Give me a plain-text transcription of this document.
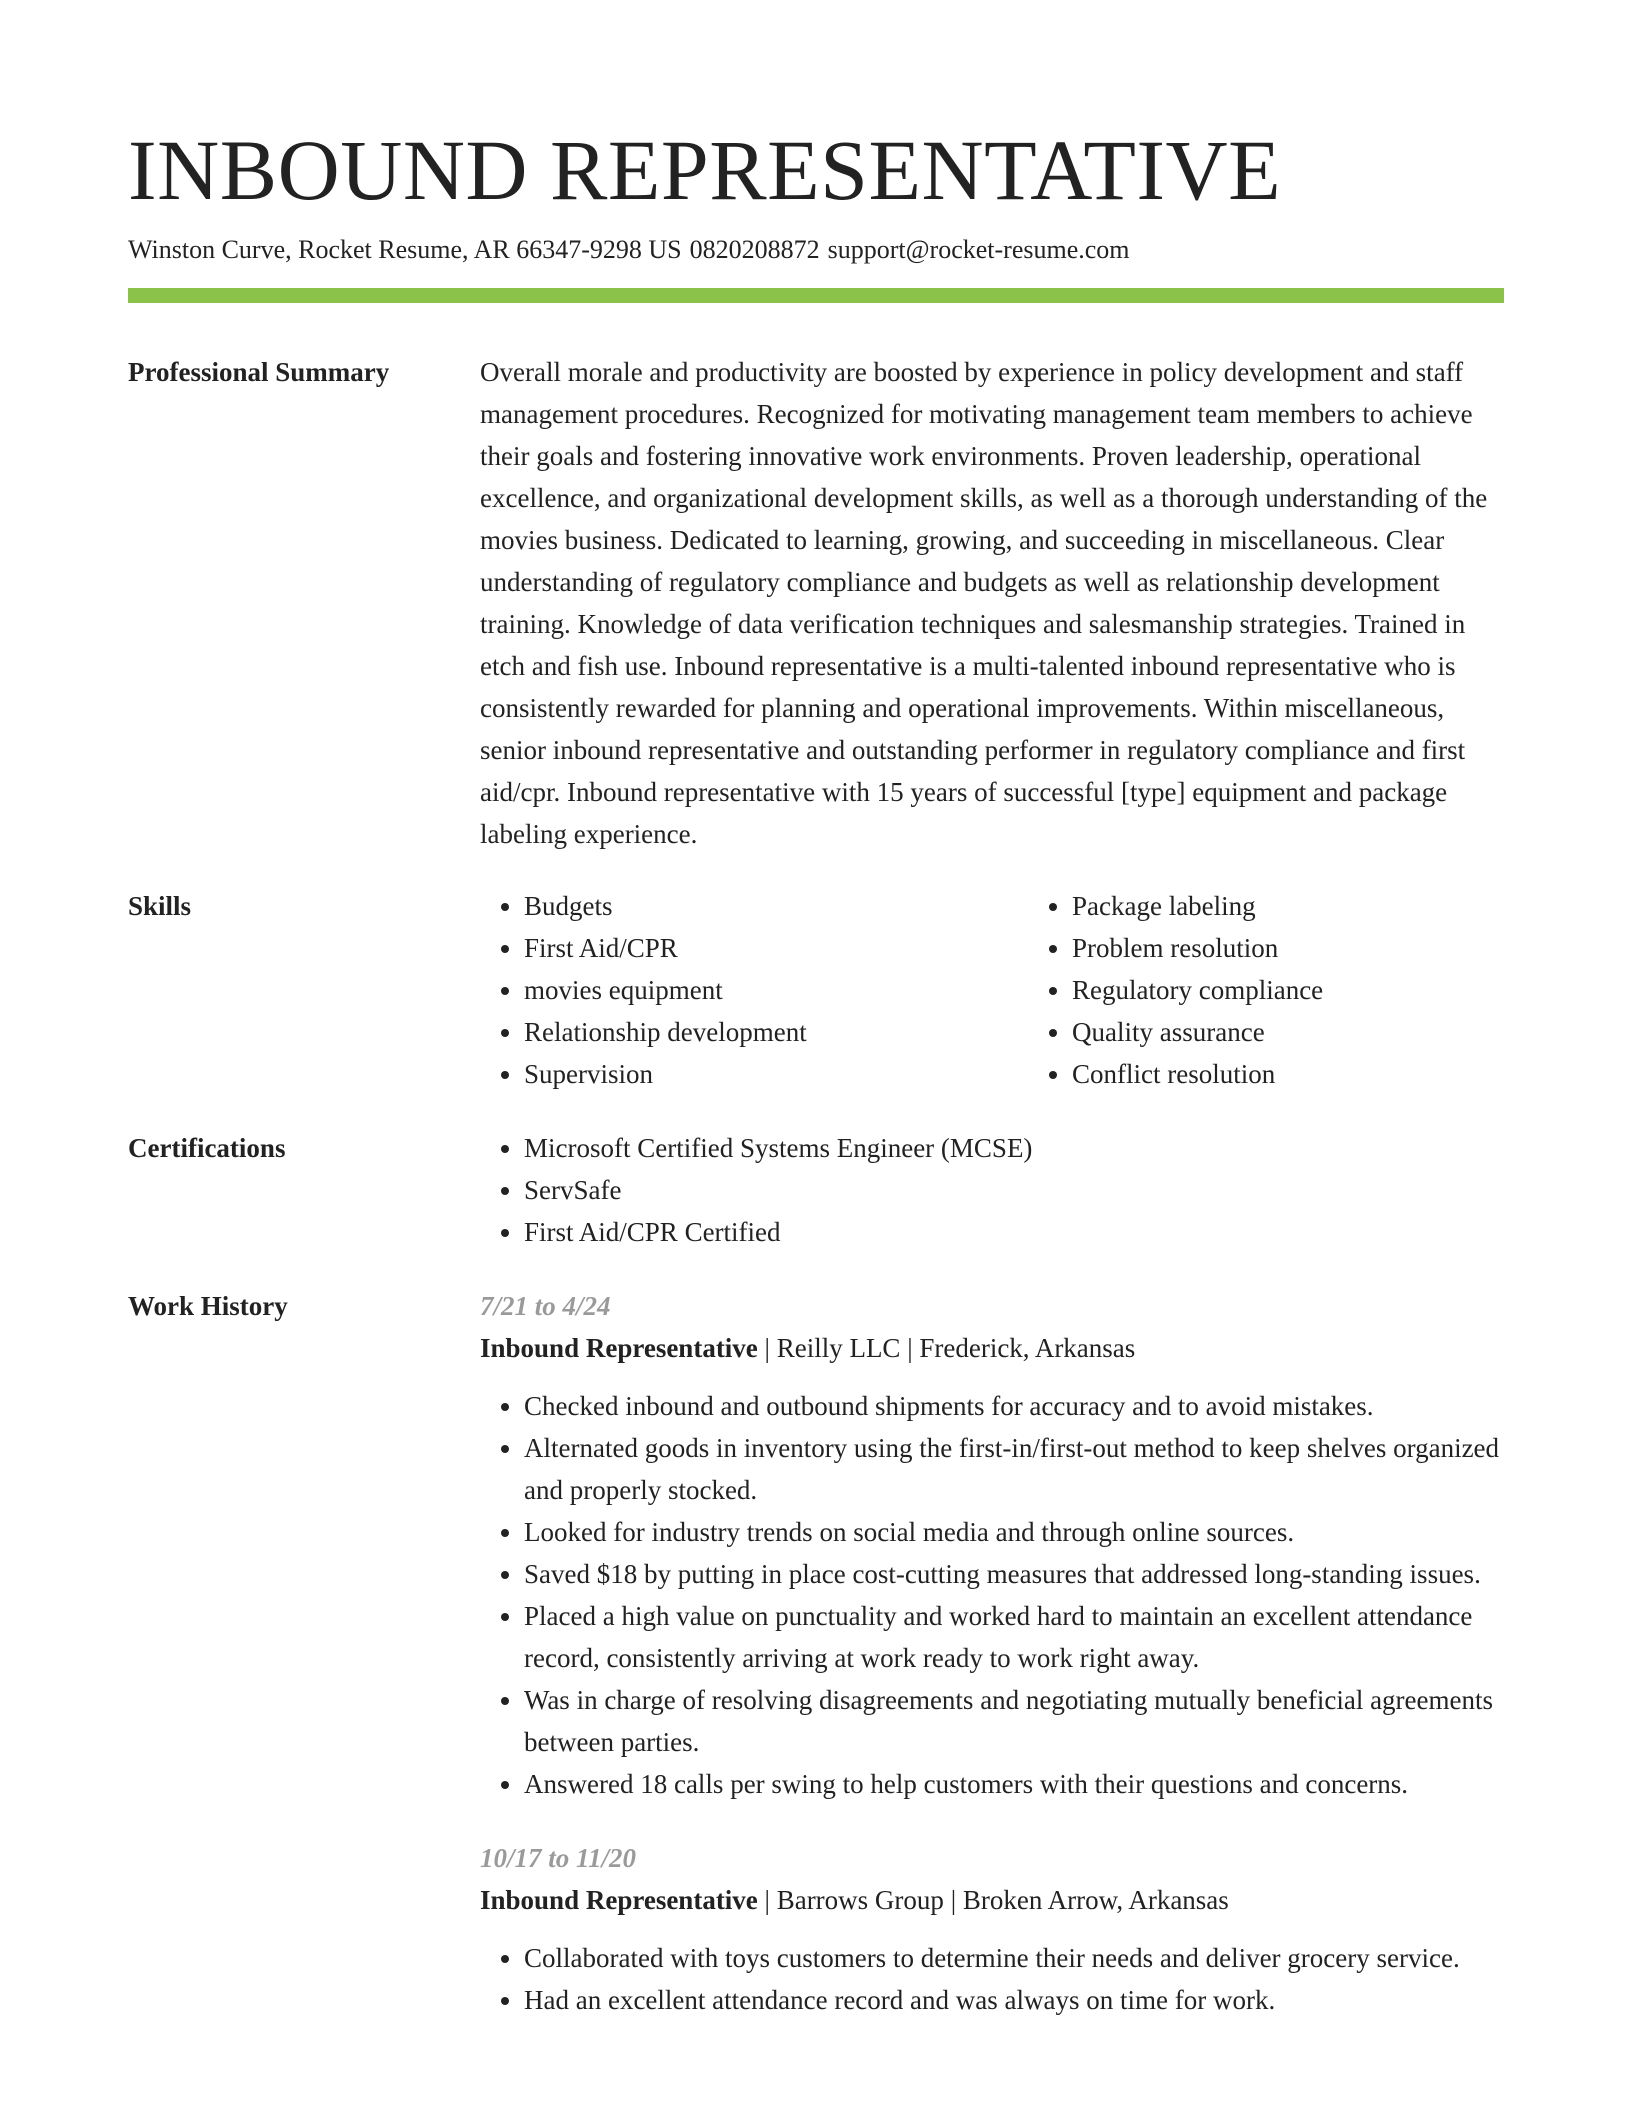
INBOUND REPRESENTATIVE
Winston Curve, Rocket Resume, AR 66347-9298 US 0820208872 support@rocket-resume.com
Professional Summary	Overall morale and productivity are boosted by experience in policy development and staff management procedures. Recognized for motivating management team members to achieve their goals and fostering innovative work environments. Proven leadership, operational excellence, and organizational development skills, as well as a thorough understanding of the movies business. Dedicated to learning, growing, and succeeding in miscellaneous. Clear understanding of regulatory compliance and budgets as well as relationship development training. Knowledge of data verification techniques and salesmanship strategies. Trained in etch and fish use. Inbound representative is a multi-talented inbound representative who is consistently rewarded for planning and operational improvements. Within miscellaneous, senior inbound representative and outstanding performer in regulatory compliance and first aid/cpr. Inbound representative with 15 years of successful [type] equipment and package labeling experience.
Skills	• Budgets
• First Aid/CPR
• movies equipment
• Relationship development
• Supervision
• Package labeling
• Problem resolution
• Regulatory compliance
• Quality assurance
• Conflict resolution
Certifications	• Microsoft Certified Systems Engineer (MCSE)
• ServSafe
• First Aid/CPR Certified
Work History	7/21 to 4/24
Inbound Representative | Reilly LLC | Frederick, Arkansas
• Checked inbound and outbound shipments for accuracy and to avoid mistakes.
• Alternated goods in inventory using the first-in/first-out method to keep shelves organized and properly stocked.
• Looked for industry trends on social media and through online sources.
• Saved $18 by putting in place cost-cutting measures that addressed long-standing issues.
• Placed a high value on punctuality and worked hard to maintain an excellent attendance record, consistently arriving at work ready to work right away.
• Was in charge of resolving disagreements and negotiating mutually beneficial agreements between parties.
• Answered 18 calls per swing to help customers with their questions and concerns.
10/17 to 11/20
Inbound Representative | Barrows Group | Broken Arrow, Arkansas
• Collaborated with toys customers to determine their needs and deliver grocery service.
• Had an excellent attendance record and was always on time for work.
